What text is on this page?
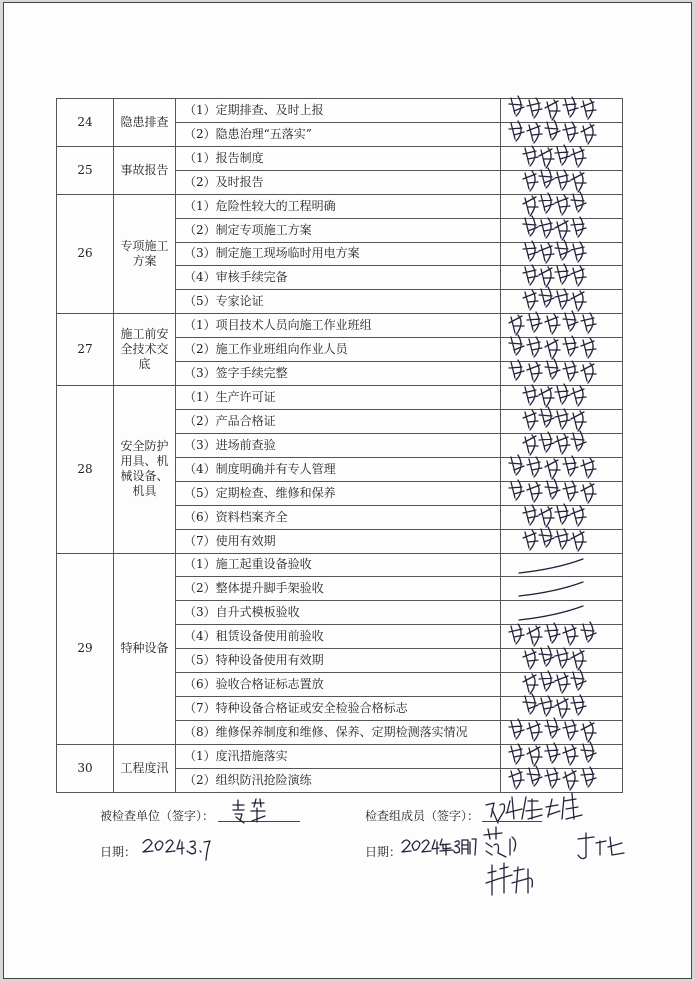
24	隐患排查	（1）定期排查、及时上报	

		（2）隐患治理“五落实”	

25	事故报告	（1）报告制度	

		（2）及时报告	

26	专项施工方案	（1）危险性较大的工程明确	

		（2）制定专项施工方案	

		（3）制定施工现场临时用电方案	

		（4）审核手续完备	

		（5）专家论证	

27	施工前安全技术交底	（1）项目技术人员向施工作业班组	

		（2）施工作业班组向作业人员	

		（3）签字手续完整	

28	安全防护用具、机械设备、机具	（1）生产许可证	

		（2）产品合格证	

		（3）进场前查验	

		（4）制度明确并有专人管理	

		（5）定期检查、维修和保养	

		（6）资料档案齐全	

		（7）使用有效期	

29	特种设备	（1）施工起重设备验收	

		（2）整体提升脚手架验收	

		（3）自升式模板验收	

		（4）租赁设备使用前验收	

		（5）特种设备使用有效期	

		（6）验收合格证标志置放	

		（7）特种设备合格证或安全检验合格标志	

		（8）维修保养制度和维修、保养、定期检测落实情况	

30	工程度汛	（1）度汛措施落实	

		（2）组织防汛抢险演练	
被检查单位（签字）：
日期：
检查组成员（签字）：
日期：
